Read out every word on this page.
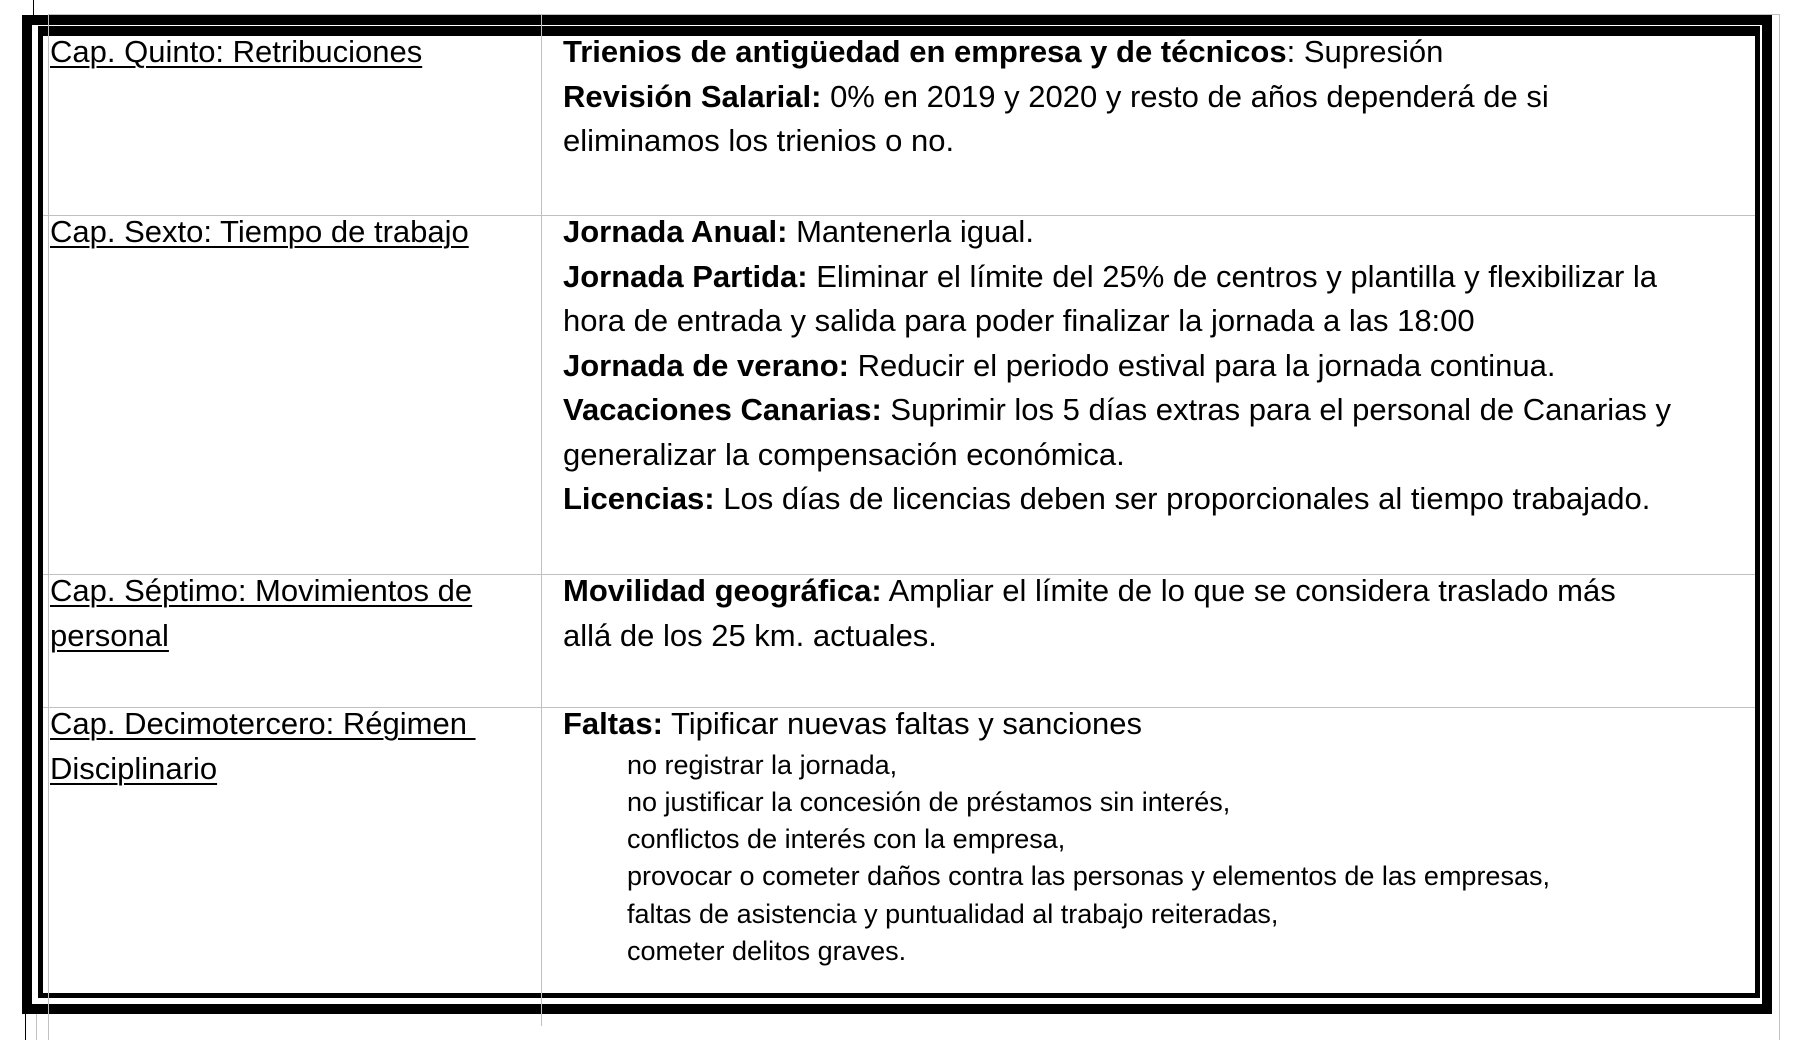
Cap. Quinto: Retribuciones	Trienios de antigüedad en empresa y de técnicos: Supresión
Revisión Salarial: 0% en 2019 y 2020 y resto de años dependerá de si
eliminamos los trienios o no.
Cap. Sexto: Tiempo de trabajo	Jornada Anual: Mantenerla igual.
Jornada Partida: Eliminar el límite del 25% de centros y plantilla y flexibilizar la
hora de entrada y salida para poder finalizar la jornada a las 18:00
Jornada de verano: Reducir el periodo estival para la jornada continua.
Vacaciones Canarias: Suprimir los 5 días extras para el personal de Canarias y
generalizar la compensación económica.
Licencias: Los días de licencias deben ser proporcionales al tiempo trabajado.
Cap. Séptimo: Movimientos de
personal
Movilidad geográfica: Ampliar el límite de lo que se considera traslado más
allá de los 25 km. actuales.
Cap. Decimotercero: Régimen
Disciplinario
Faltas: Tipificar nuevas faltas y sanciones
no registrar la jornada,
no justificar la concesión de préstamos sin interés,
conflictos de interés con la empresa,
provocar o cometer daños contra las personas y elementos de las empresas,
faltas de asistencia y puntualidad al trabajo reiteradas,
cometer delitos graves.
